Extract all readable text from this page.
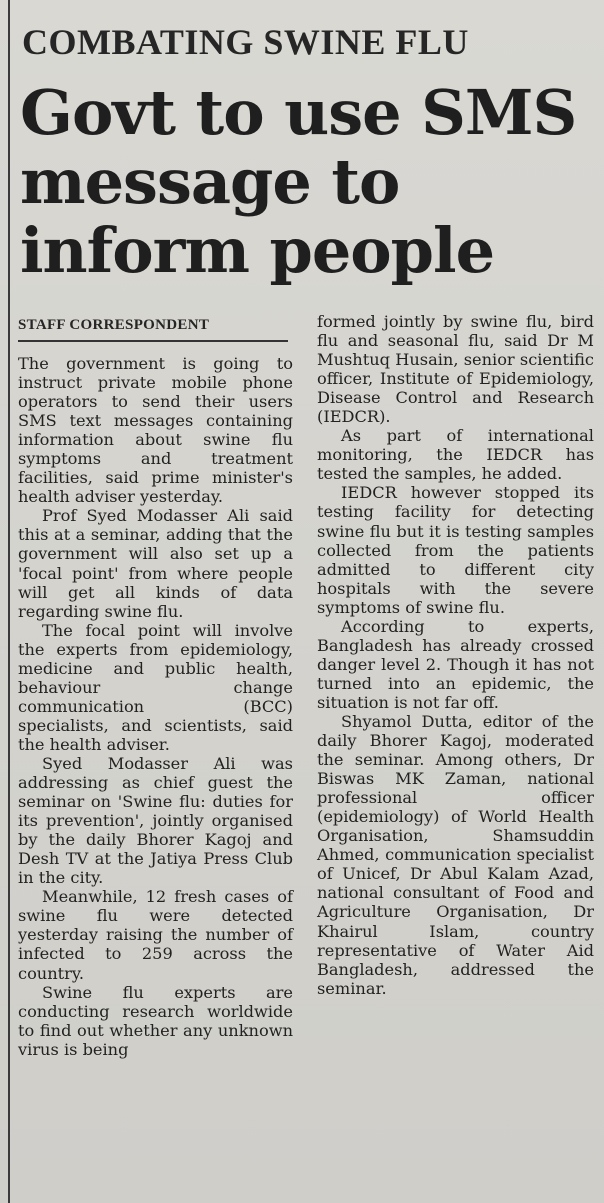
COMBATING SWINE FLU
Govt to use SMS message to inform people
STAFF CORRESPONDENT

The government is going to instruct private mobile phone operators to send their users SMS text messages containing information about swine flu symptoms and treatment facilities, said prime minister's health adviser yesterday.

Prof Syed Modasser Ali said this at a seminar, adding that the government will also set up a 'focal point' from where people will get all kinds of data regarding swine flu.

The focal point will involve the experts from epidemiology, medicine and public health, behaviour change communication (BCC) specialists, and scientists, said the health adviser.

Syed Modasser Ali was addressing as chief guest the seminar on 'Swine flu: duties for its prevention', jointly organised by the daily Bhorer Kagoj and Desh TV at the Jatiya Press Club in the city.

Meanwhile, 12 fresh cases of swine flu were detected yesterday raising the number of infected to 259 across the country.

Swine flu experts are conducting research worldwide to find out whether any unknown virus is being

formed jointly by swine flu, bird flu and seasonal flu, said Dr M Mushtuq Husain, senior scientific officer, Institute of Epidemiology, Disease Control and Research (IEDCR).

As part of international monitoring, the IEDCR has tested the samples, he added.

IEDCR however stopped its testing facility for detecting swine flu but it is testing samples collected from the patients admitted to different city hospitals with the severe symptoms of swine flu.

According to experts, Bangladesh has already crossed danger level 2. Though it has not turned into an epidemic, the situation is not far off.

Shyamol Dutta, editor of the daily Bhorer Kagoj, moderated the seminar. Among others, Dr Biswas MK Zaman, national professional officer (epidemiology) of World Health Organisation, Shamsuddin Ahmed, communication specialist of Unicef, Dr Abul Kalam Azad, national consultant of Food and Agriculture Organisation, Dr Khairul Islam, country representative of Water Aid Bangladesh, addressed the seminar.
